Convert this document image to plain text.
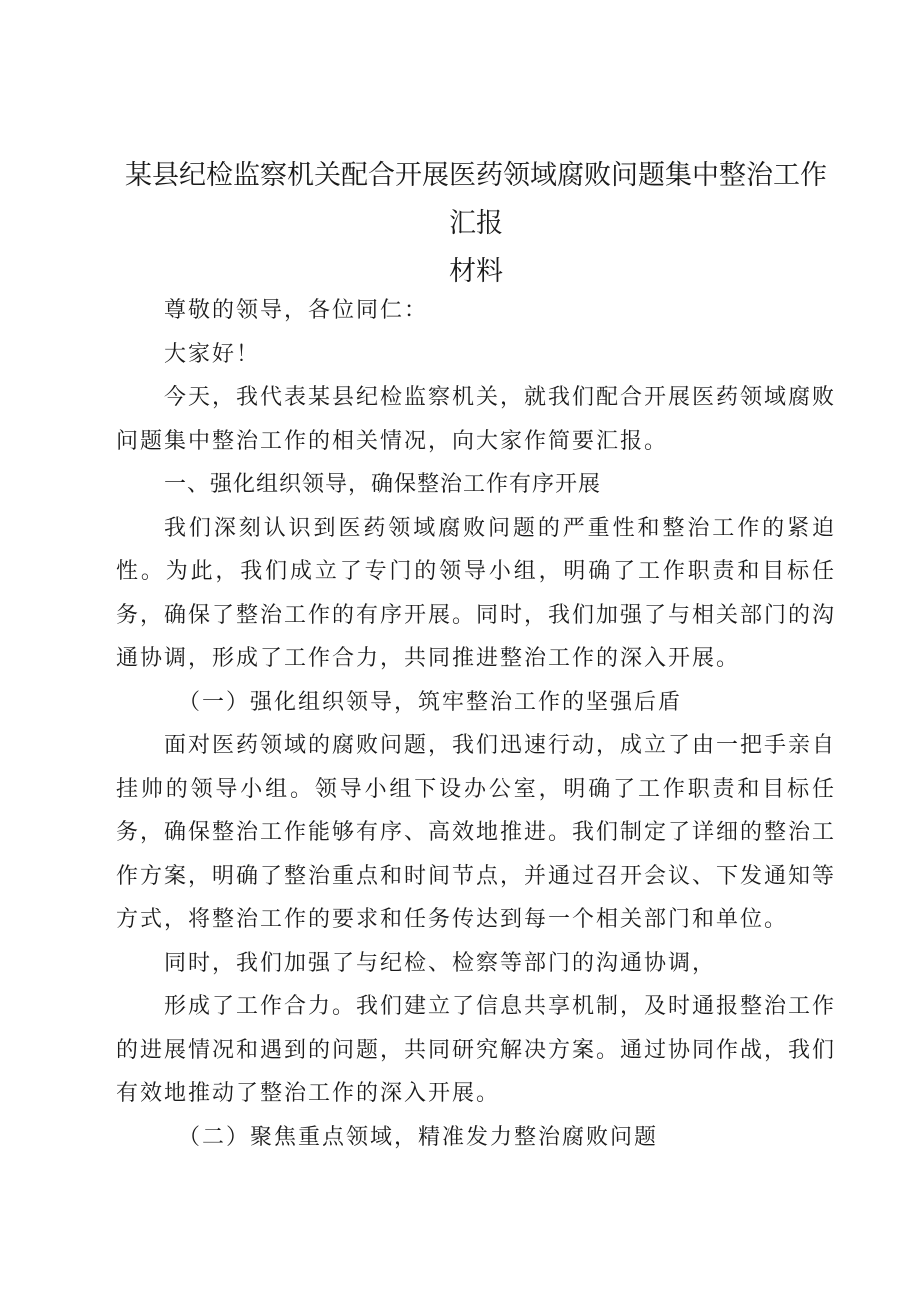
某县纪检监察机关配合开展医药领域腐败问题集中整治工作汇报
材料

尊敬的领导，各位同仁：

大家好！

今天，我代表某县纪检监察机关，就我们配合开展医药领域腐败问题集中整治工作的相关情况，向大家作简要汇报。

一、强化组织领导，确保整治工作有序开展

我们深刻认识到医药领域腐败问题的严重性和整治工作的紧迫性。为此，我们成立了专门的领导小组，明确了工作职责和目标任务，确保了整治工作的有序开展。同时，我们加强了与相关部门的沟通协调，形成了工作合力，共同推进整治工作的深入开展。

（一）强化组织领导，筑牢整治工作的坚强后盾

面对医药领域的腐败问题，我们迅速行动，成立了由一把手亲自挂帅的领导小组。领导小组下设办公室，明确了工作职责和目标任务，确保整治工作能够有序、高效地推进。我们制定了详细的整治工作方案，明确了整治重点和时间节点，并通过召开会议、下发通知等方式，将整治工作的要求和任务传达到每一个相关部门和单位。

同时，我们加强了与纪检、检察等部门的沟通协调，

形成了工作合力。我们建立了信息共享机制，及时通报整治工作的进展情况和遇到的问题，共同研究解决方案。通过协同作战，我们有效地推动了整治工作的深入开展。

（二）聚焦重点领域，精准发力整治腐败问题
